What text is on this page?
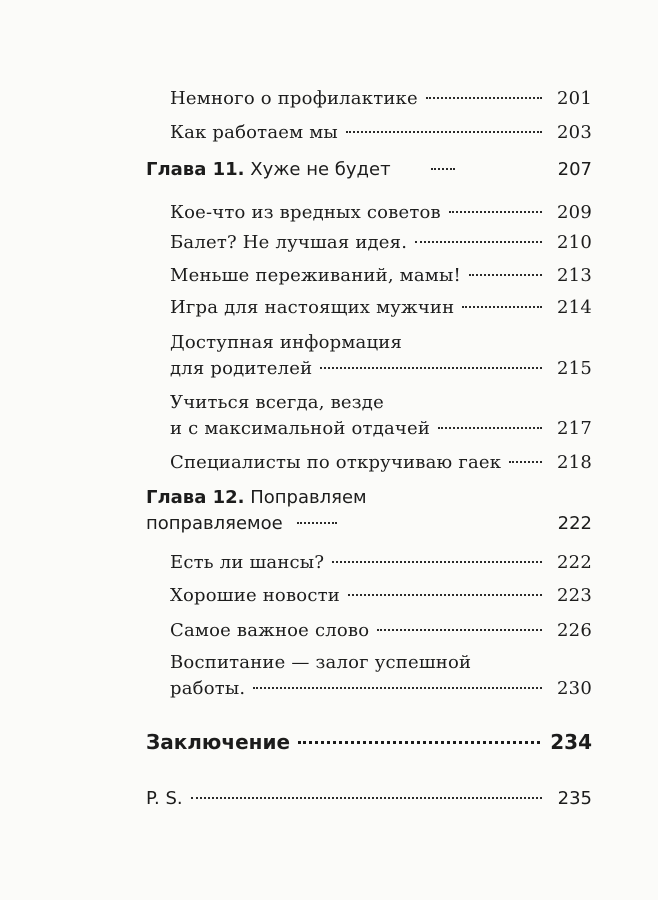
Немного о профилактике	201
Как работаем мы	203
Глава 11. Хуже не будет	207
Кое-что из вредных советов	209
Балет? Не лучшая идея.	210
Меньше переживаний, мамы!	213
Игра для настоящих мужчин	214
Доступная информация
для родителей	215
Учиться всегда, везде
и с максимальной отдачей	217
Специалисты по откручиваю гаек	218
Глава 12. Поправляем
поправляемое	222
Есть ли шансы?	222
Хорошие новости	223
Самое важное слово	226
Воспитание — залог успешной
работы.	230
Заключение	234
P. S.	235
